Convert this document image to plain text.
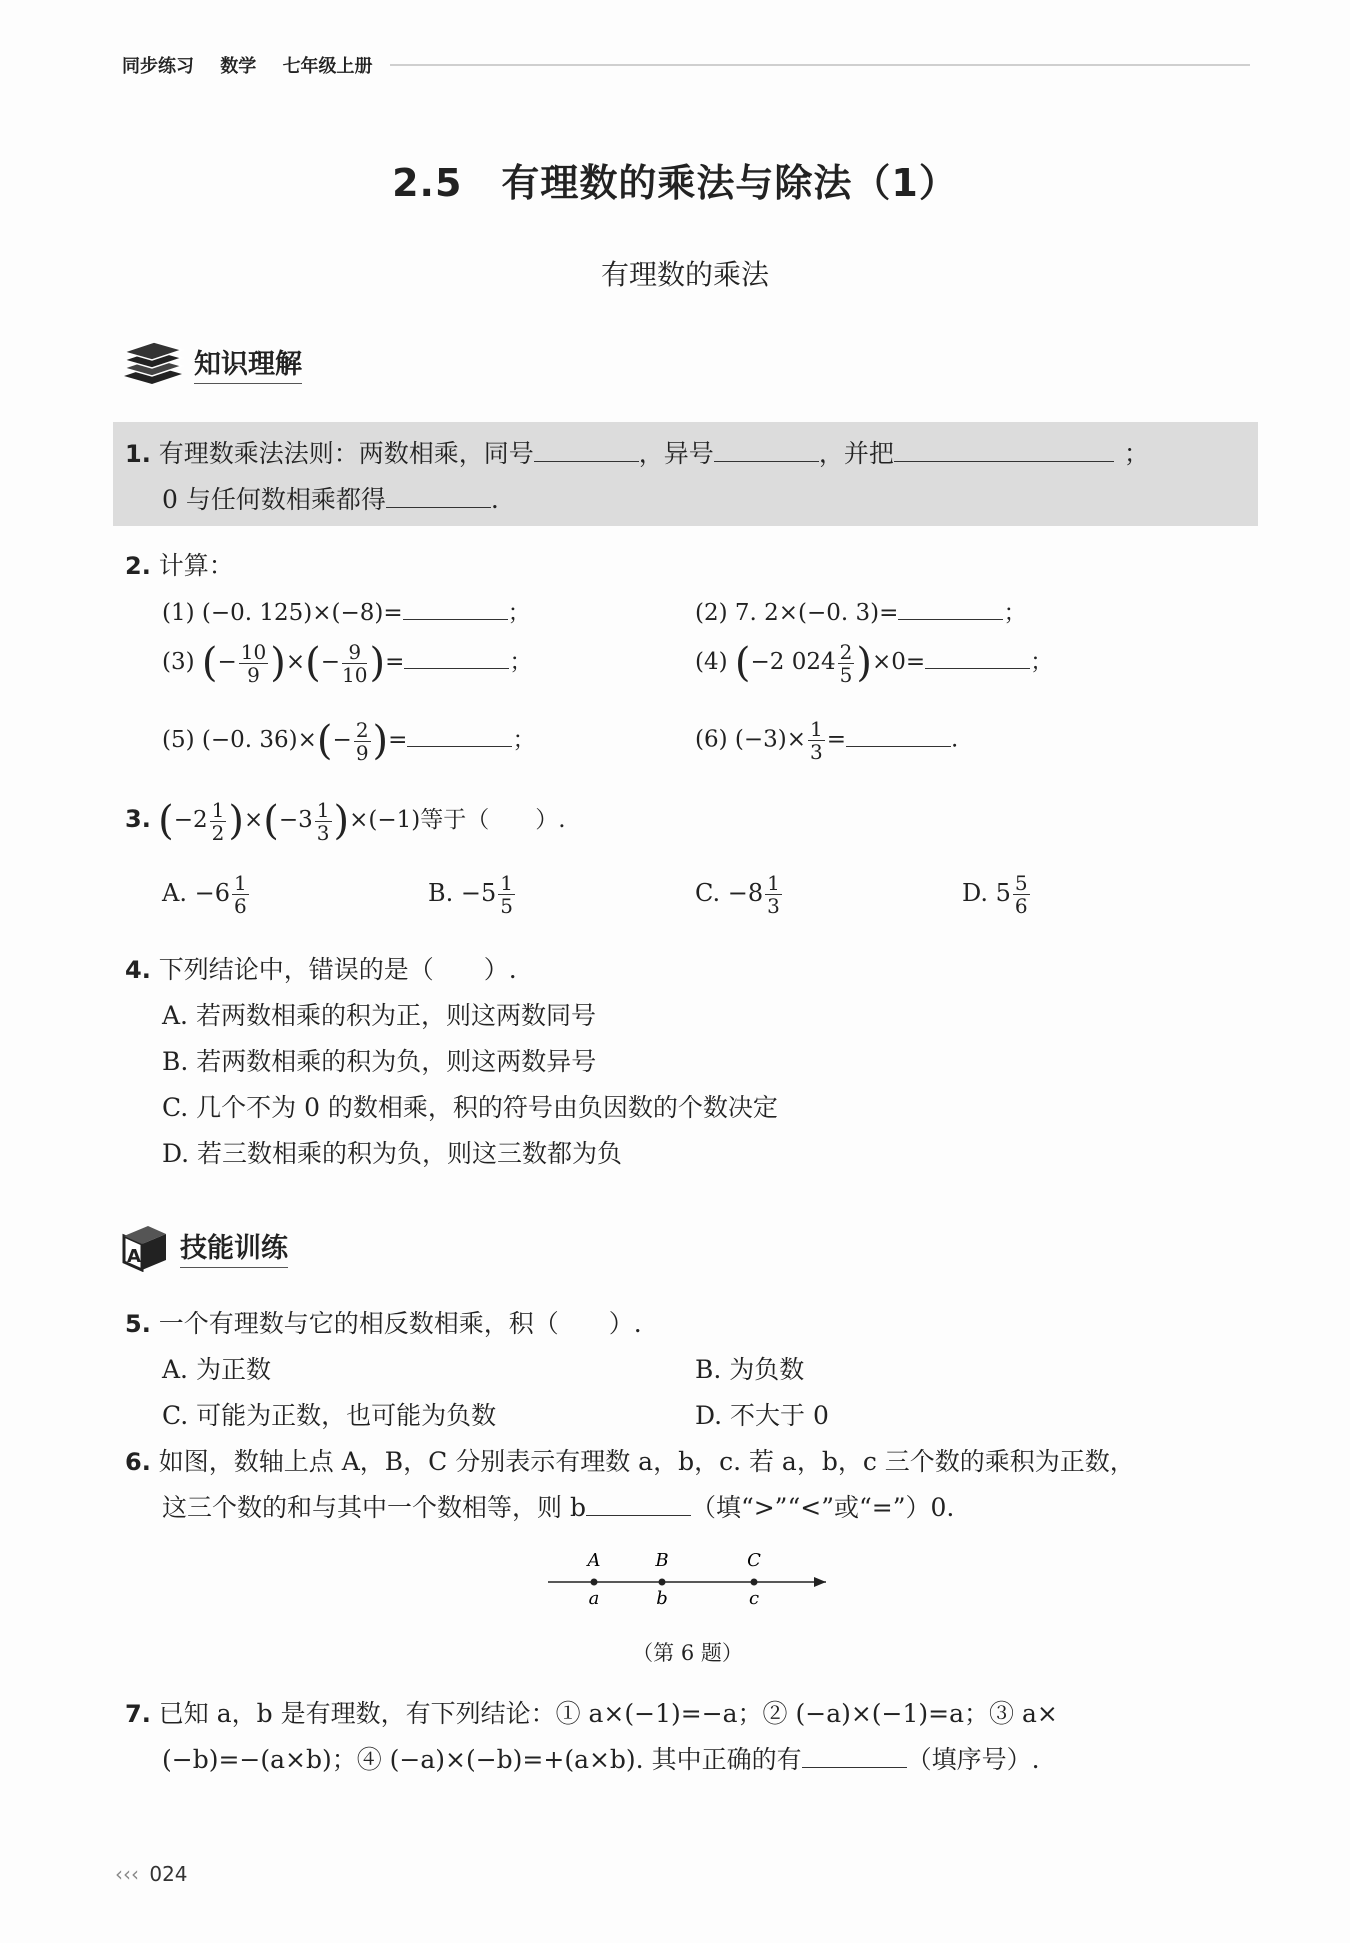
同步练习 数学 七年级上册
2.5　有理数的乘法与除法（1）
有理数的乘法
知识理解
1. 有理数乘法法则：两数相乘，同号	，异号	，并把	；
0 与任何数相乘都得	.
2. 计算：
(1) (−0. 125)×(−8)=	；	(2) 7. 2×(−0. 3)=	；
(3) (− $\frac{10}{9}$ )×(− $\frac{9}{10}$ )=	；	(4) (−2 $024 \frac{2}{5} )\times 0=$	；
(5) (−0. $36)\times(- \frac{2}{9}$ )=	；	(6) $(-3)\times \frac{1}{3}$ =	.
3. $(-2 \frac{1}{2} )\times(-3 \frac{1}{3} )\times(-1)$等于（　　）.
A. $-6 \frac{1}{6}$	B. $-5 \frac{1}{5}$	C. $-8 \frac{1}{3}$	D. $5 \frac{5}{6}$
4. 下列结论中，错误的是（　　）.
A. 若两数相乘的积为正，则这两数同号
B. 若两数相乘的积为负，则这两数异号
C. 几个不为 0 的数相乘，积的符号由负因数的个数决定
D. 若三数相乘的积为负，则这三数都为负
A 技能训练
5. 一个有理数与它的相反数相乘，积（　　）.
A. 为正数	B. 为负数
C. 可能为正数，也可能为负数	D. 不大于 0
6. 如图，数轴上点 A，B，C 分别表示有理数 a，b，c. 若 a，b，c 三个数的乘积为正数，
这三个数的和与其中一个数相等，则 b	（填“>”“<”或“=”）0.
A	B	C
a	b	c
（第 6 题）
7. 已知 a，b 是有理数，有下列结论：① a×(−1)=−a；② (−a)×(−1)=a；③ a×
(−b)=−(a×b)；④ (−a)×(−b)=+(a×b). 其中正确的有	（填序号）.
‹‹‹ 024
